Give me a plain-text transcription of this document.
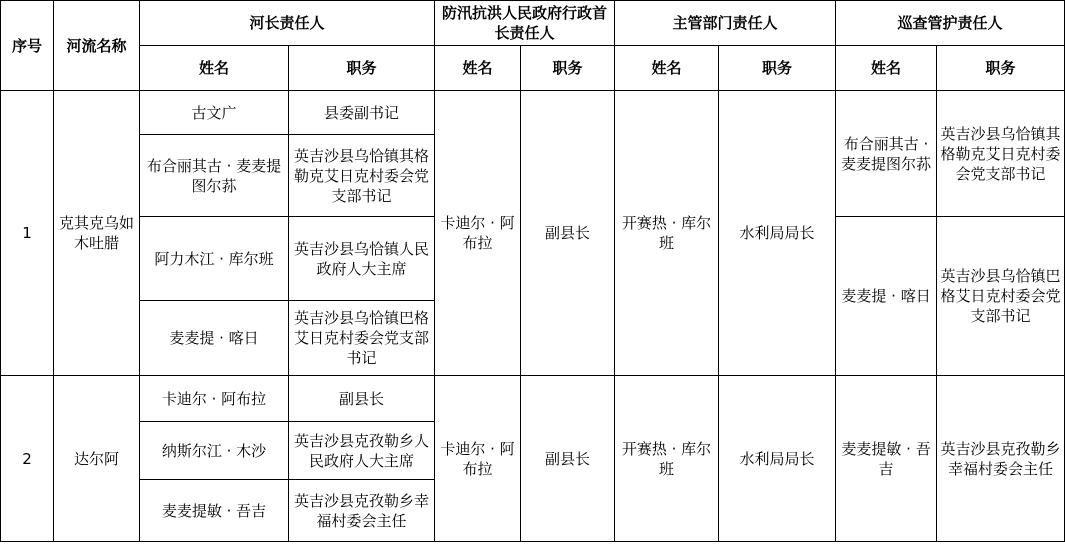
序号	河流名称	河长责任人		防汛抗洪人民政府行政首长责任人		主管部门责任人		巡查管护责任人	
		姓名	职务	姓名	职务	姓名	职务	姓名	职务
1	克其克乌如木吐腊	古文广	县委副书记	卡迪尔 · 阿布拉	副县长	开赛热 · 库尔班	水利局局长	布合丽其古 · 麦麦提图尔荪	英吉沙县乌恰镇其格勒克艾日克村委会党支部书记
		布合丽其古 · 麦麦提图尔荪	英吉沙县乌恰镇其格勒克艾日克村委会党支部书记						
		阿力木江 · 库尔班	英吉沙县乌恰镇人民政府人大主席					麦麦提 · 喀日	英吉沙县乌恰镇巴格艾日克村委会党支部书记
		麦麦提 · 喀日	英吉沙县乌恰镇巴格艾日克村委会党支部书记						
2	达尔阿	卡迪尔 · 阿布拉	副县长	卡迪尔 · 阿布拉	副县长	开赛热 · 库尔班	水利局局长	麦麦提敏 · 吾吉	英吉沙县克孜勒乡幸福村委会主任
		纳斯尔江 · 木沙	英吉沙县克孜勒乡人民政府人大主席						
		麦麦提敏 · 吾吉	英吉沙县克孜勒乡幸福村委会主任						
